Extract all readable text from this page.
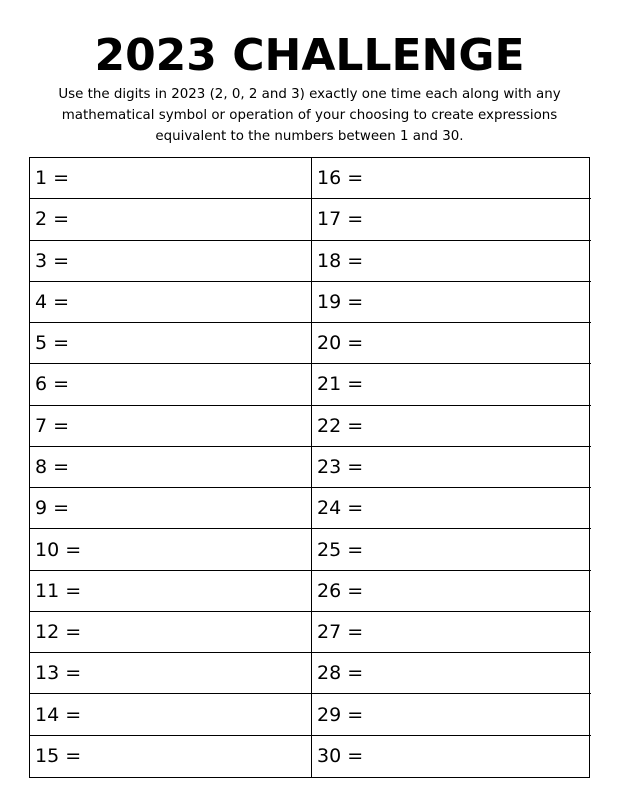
2023 CHALLENGE
Use the digits in 2023 (2, 0, 2 and 3) exactly one time each along with any
mathematical symbol or operation of your choosing to create expressions
equivalent to the numbers between 1 and 30.
1 =
2 =
3 =
4 =
5 =
6 =
7 =
8 =
9 =
10 =
11 =
12 =
13 =
14 =
15 =
16 =
17 =
18 =
19 =
20 =
21 =
22 =
23 =
24 =
25 =
26 =
27 =
28 =
29 =
30 =
